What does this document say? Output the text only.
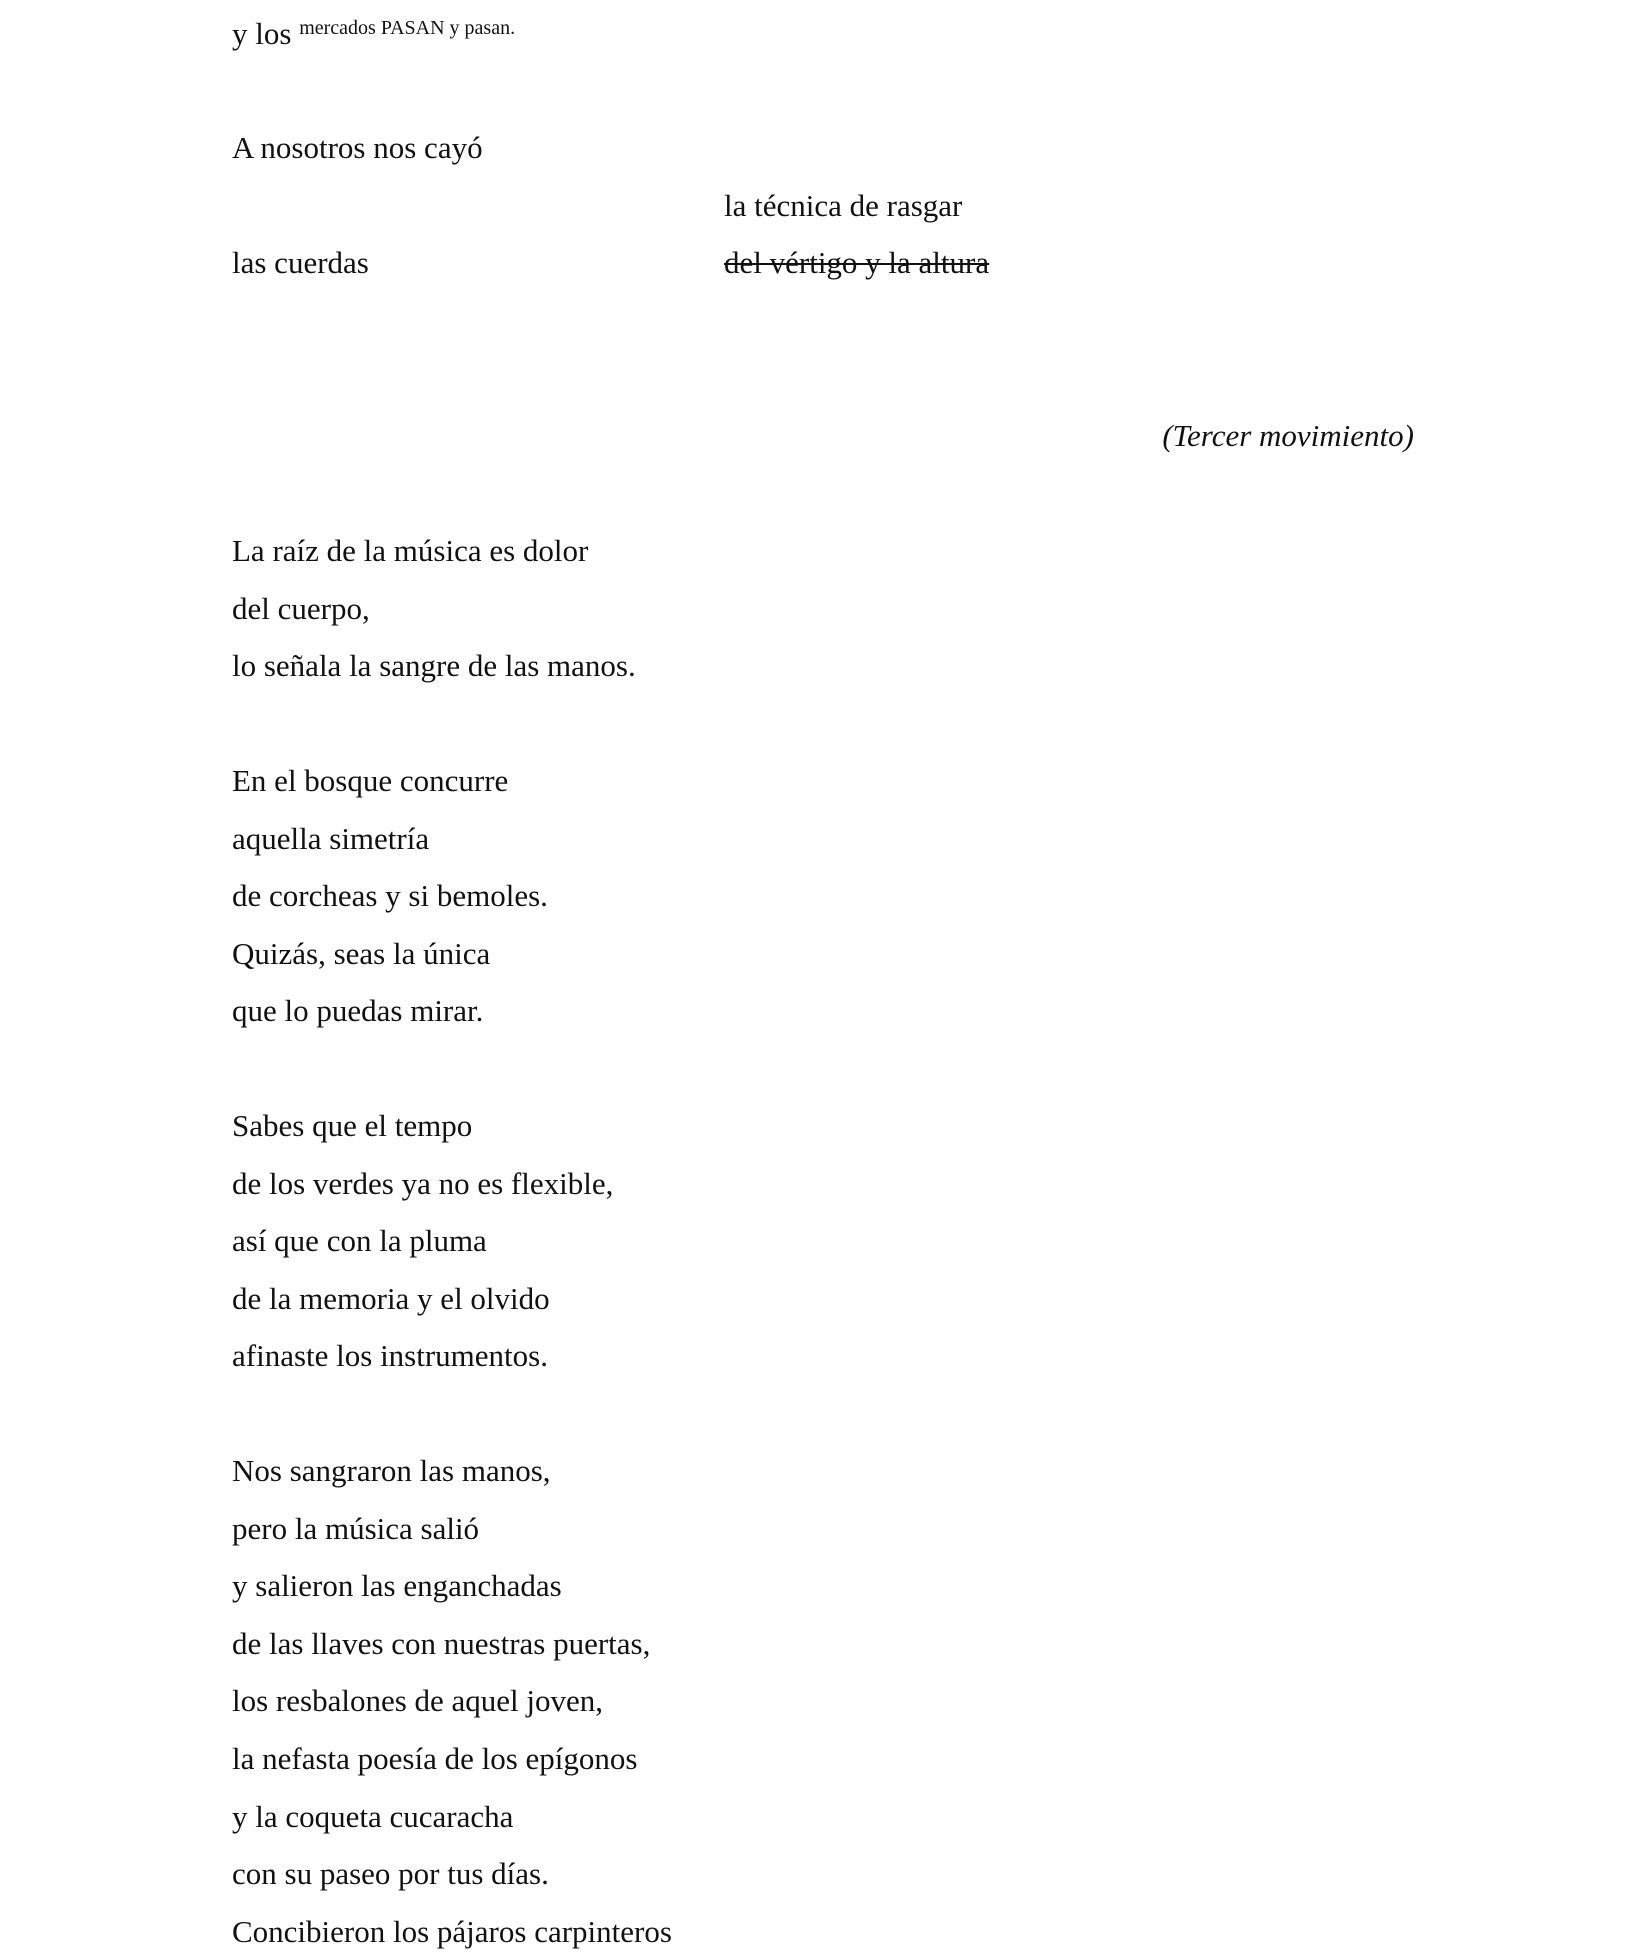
y los $^{mercados PASAN y pasan.}$
A nosotros nos cayó
la técnica de rasgar
las cuerdas	del vértigo y la altura
(Tercer movimiento)
La raíz de la música es dolor
del cuerpo,
lo señala la sangre de las manos.
En el bosque concurre
aquella simetría
de corcheas y si bemoles.
Quizás, seas la única
que lo puedas mirar.
Sabes que el tempo
de los verdes ya no es flexible,
así que con la pluma
de la memoria y el olvido
afinaste los instrumentos.
Nos sangraron las manos,
pero la música salió
y salieron las enganchadas
de las llaves con nuestras puertas,
los resbalones de aquel joven,
la nefasta poesía de los epígonos
y la coqueta cucaracha
con su paseo por tus días.
Concibieron los pájaros carpinteros
